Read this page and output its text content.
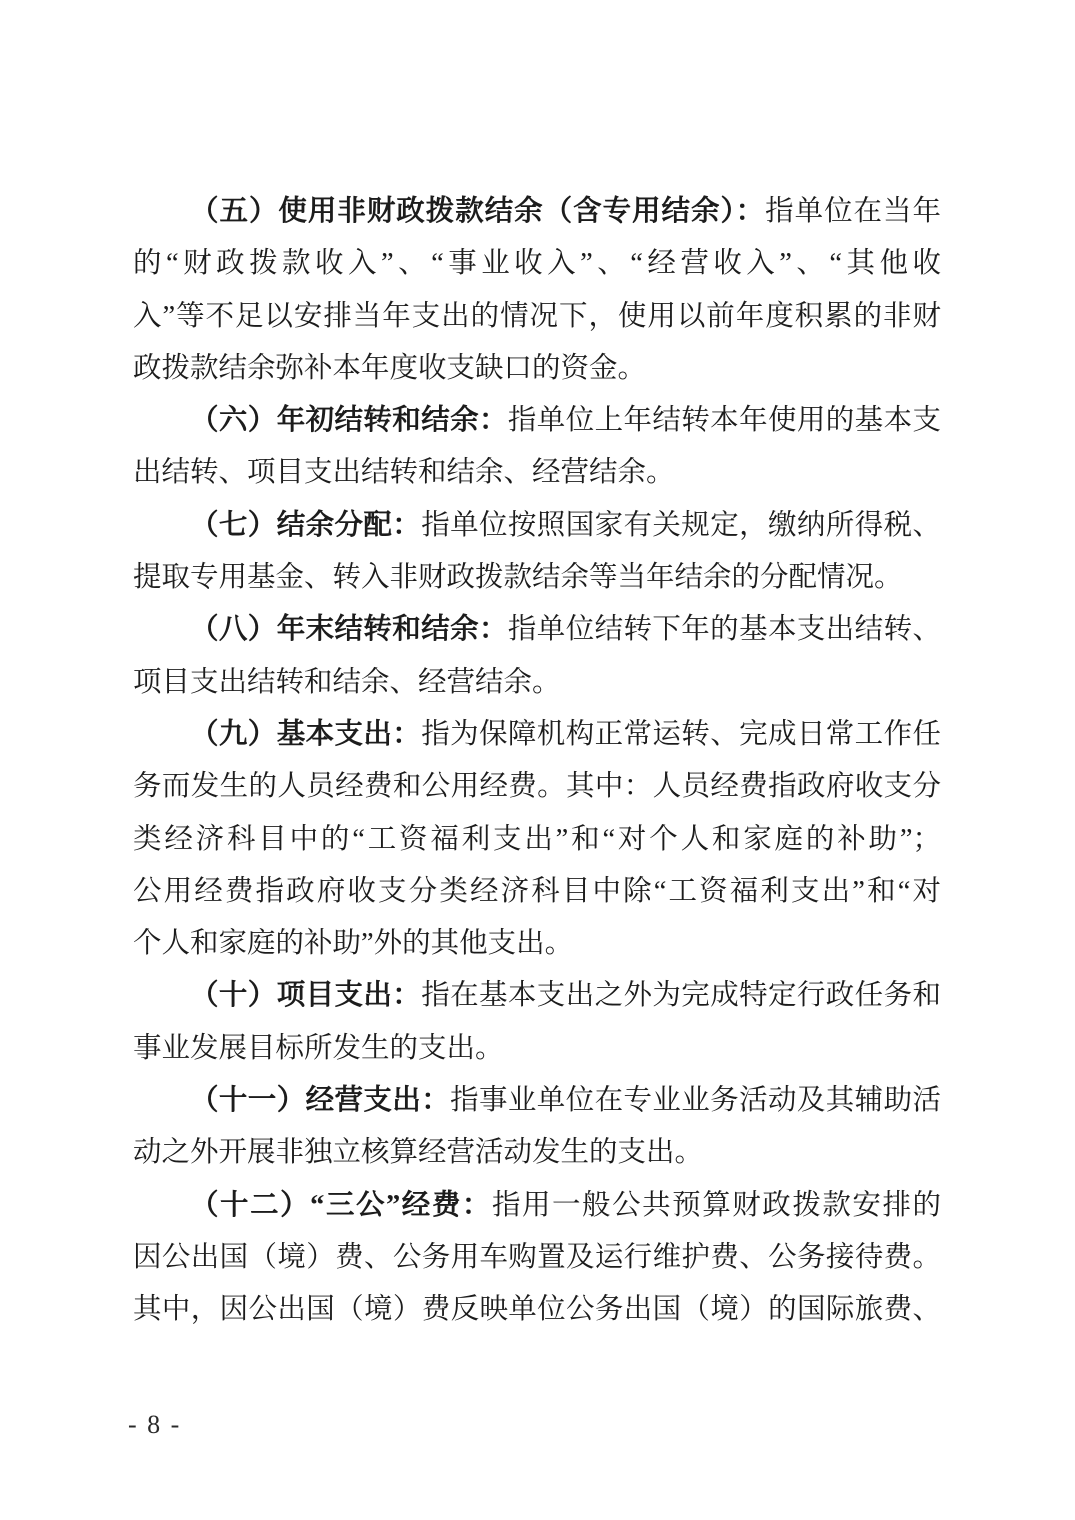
（五）使用非财政拨款结余（含专用结余）：指单位在当年
的“财政拨款收入”、“事业收入”、“经营收入”、“其他收
入”等不足以安排当年支出的情况下，使用以前年度积累的非财
政拨款结余弥补本年度收支缺口的资金。
（六）年初结转和结余：指单位上年结转本年使用的基本支
出结转、项目支出结转和结余、经营结余。
（七）结余分配：指单位按照国家有关规定，缴纳所得税、
提取专用基金、转入非财政拨款结余等当年结余的分配情况。
（八）年末结转和结余：指单位结转下年的基本支出结转、
项目支出结转和结余、经营结余。
（九）基本支出：指为保障机构正常运转、完成日常工作任
务而发生的人员经费和公用经费。其中：人员经费指政府收支分
类经济科目中的“工资福利支出”和“对个人和家庭的补助”；
公用经费指政府收支分类经济科目中除“工资福利支出”和“对
个人和家庭的补助”外的其他支出。
（十）项目支出：指在基本支出之外为完成特定行政任务和
事业发展目标所发生的支出。
（十一）经营支出：指事业单位在专业业务活动及其辅助活
动之外开展非独立核算经营活动发生的支出。
（十二）“三公”经费：指用一般公共预算财政拨款安排的
因公出国（境）费、公务用车购置及运行维护费、公务接待费。
其中，因公出国（境）费反映单位公务出国（境）的国际旅费、
- 8 -
